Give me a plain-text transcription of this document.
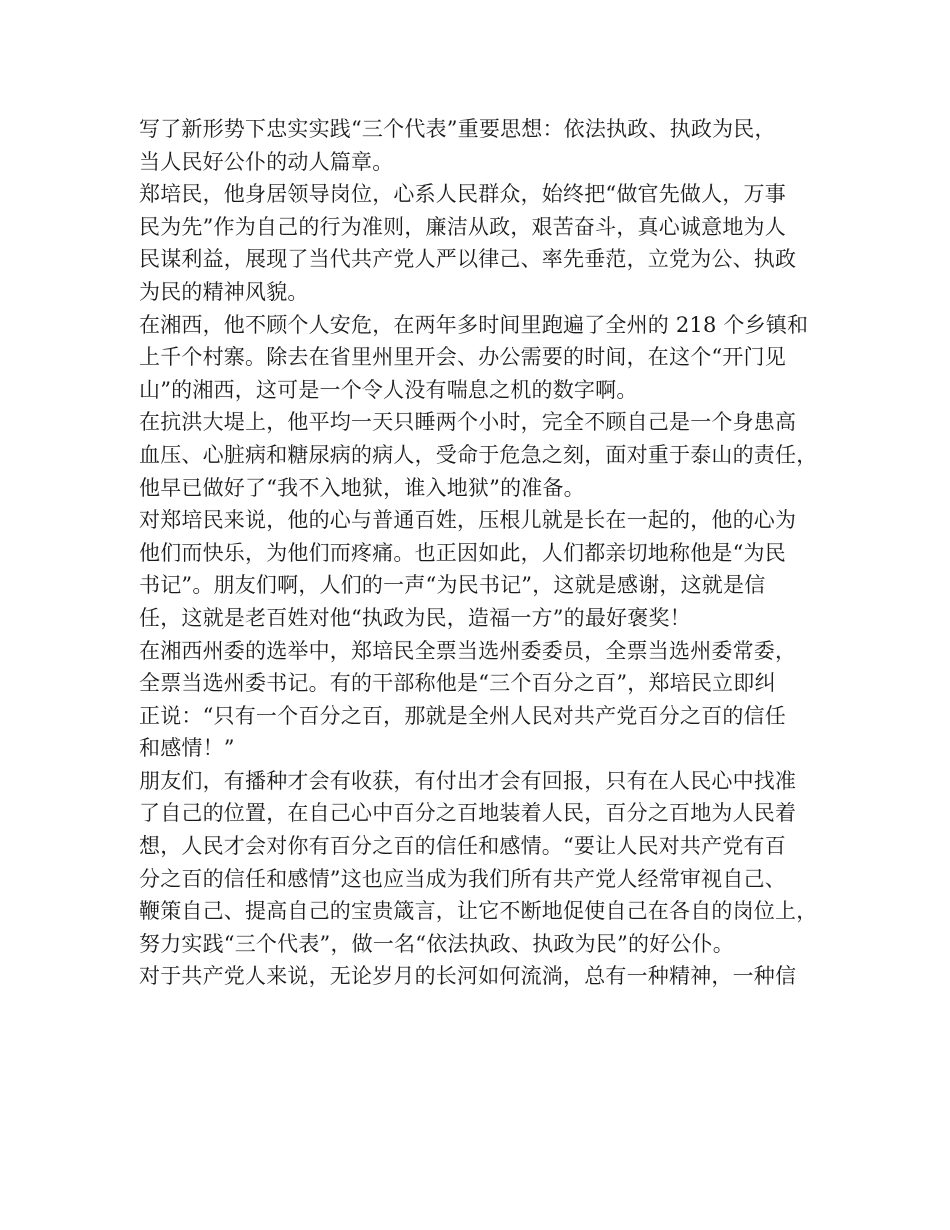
写了新形势下忠实实践“三个代表”重要思想：依法执政、执政为民，
当人民好公仆的动人篇章。
郑培民，他身居领导岗位，心系人民群众，始终把“做官先做人，万事
民为先”作为自己的行为准则，廉洁从政，艰苦奋斗，真心诚意地为人
民谋利益，展现了当代共产党人严以律己、率先垂范，立党为公、执政
为民的精神风貌。
在湘西，他不顾个人安危，在两年多时间里跑遍了全州的 218 个乡镇和
上千个村寨。除去在省里州里开会、办公需要的时间，在这个“开门见
山”的湘西，这可是一个令人没有喘息之机的数字啊。
在抗洪大堤上，他平均一天只睡两个小时，完全不顾自己是一个身患高
血压、心脏病和糖尿病的病人，受命于危急之刻，面对重于泰山的责任，
他早已做好了“我不入地狱，谁入地狱”的准备。
对郑培民来说，他的心与普通百姓，压根儿就是长在一起的，他的心为
他们而快乐，为他们而疼痛。也正因如此，人们都亲切地称他是“为民
书记”。朋友们啊，人们的一声“为民书记”，这就是感谢，这就是信
任，这就是老百姓对他“执政为民，造福一方”的最好褒奖！
在湘西州委的选举中，郑培民全票当选州委委员，全票当选州委常委，
全票当选州委书记。有的干部称他是“三个百分之百”，郑培民立即纠
正说：“只有一个百分之百，那就是全州人民对共产党百分之百的信任
和感情！”
朋友们，有播种才会有收获，有付出才会有回报，只有在人民心中找准
了自己的位置，在自己心中百分之百地装着人民，百分之百地为人民着
想，人民才会对你有百分之百的信任和感情。“要让人民对共产党有百
分之百的信任和感情”这也应当成为我们所有共产党人经常审视自己、
鞭策自己、提高自己的宝贵箴言，让它不断地促使自己在各自的岗位上，
努力实践“三个代表”，做一名“依法执政、执政为民”的好公仆。
对于共产党人来说，无论岁月的长河如何流淌，总有一种精神，一种信
